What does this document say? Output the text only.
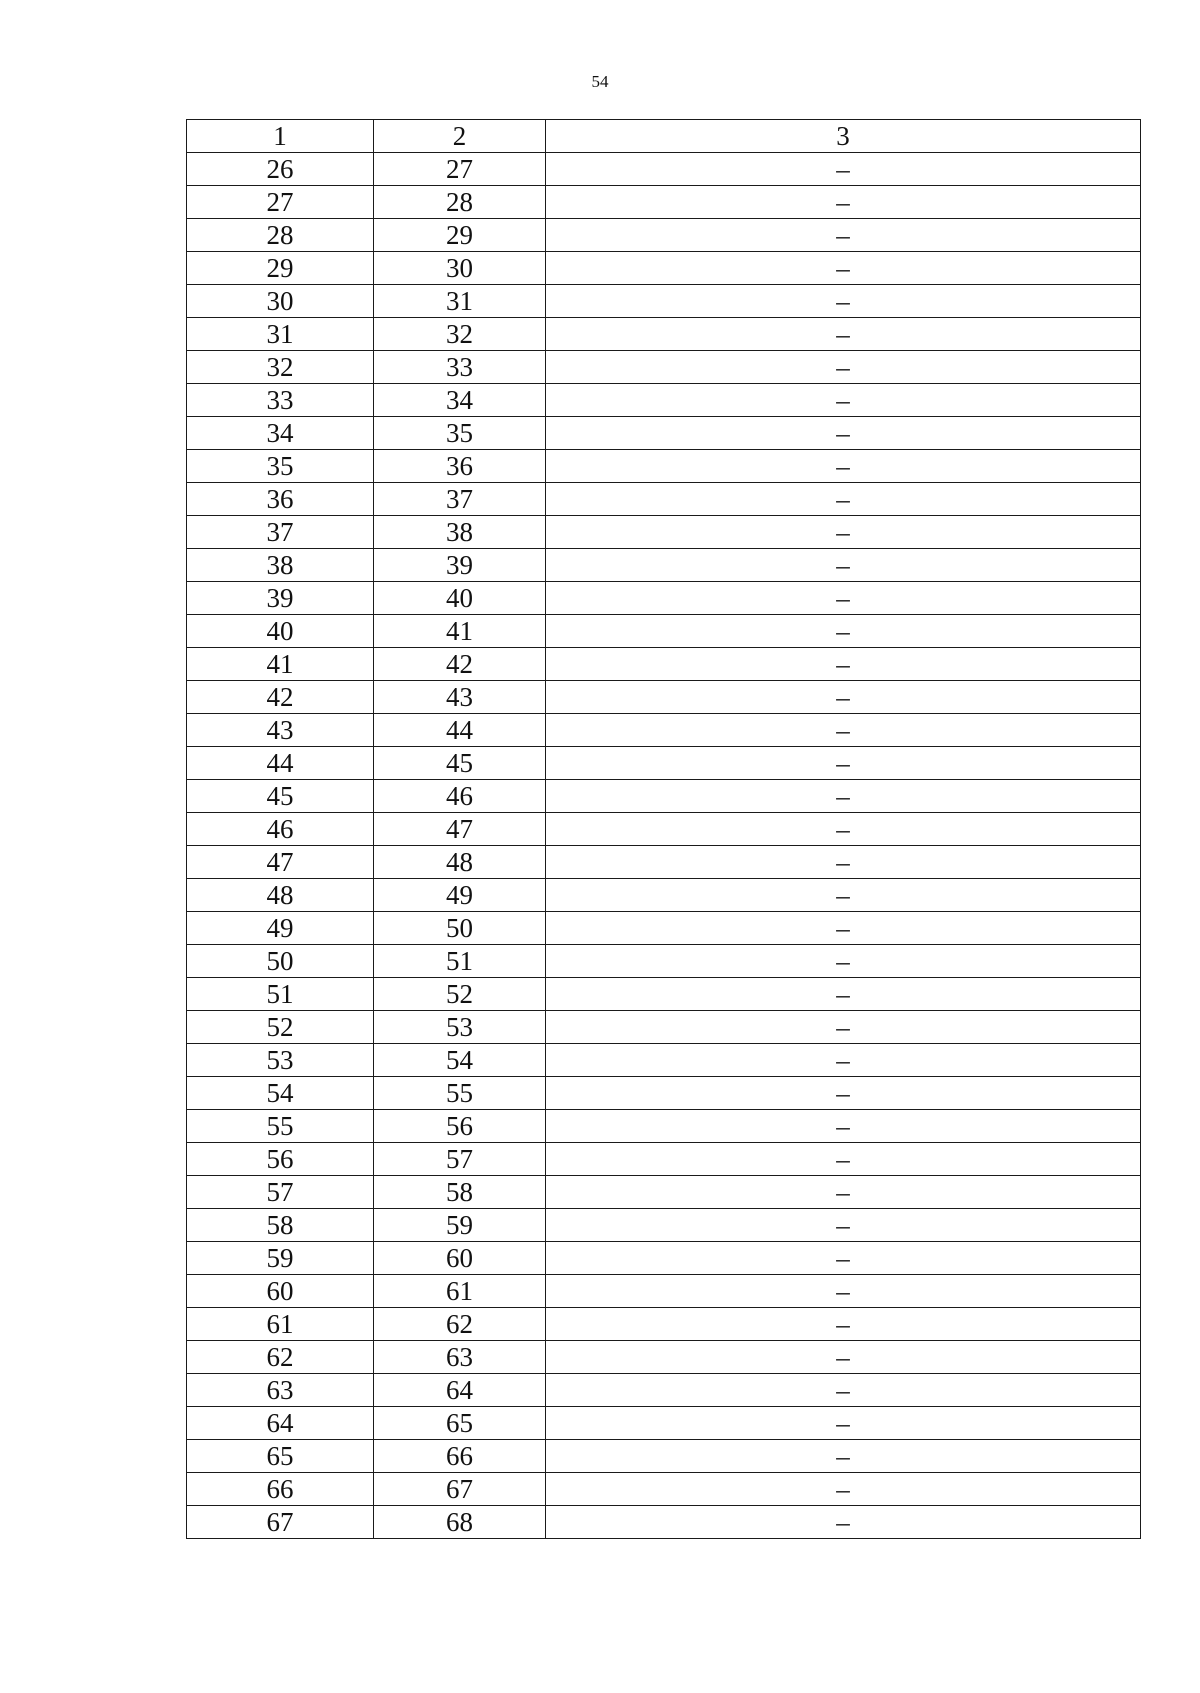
54
1	2	3
26	27	–
27	28	–
28	29	–
29	30	–
30	31	–
31	32	–
32	33	–
33	34	–
34	35	–
35	36	–
36	37	–
37	38	–
38	39	–
39	40	–
40	41	–
41	42	–
42	43	–
43	44	–
44	45	–
45	46	–
46	47	–
47	48	–
48	49	–
49	50	–
50	51	–
51	52	–
52	53	–
53	54	–
54	55	–
55	56	–
56	57	–
57	58	–
58	59	–
59	60	–
60	61	–
61	62	–
62	63	–
63	64	–
64	65	–
65	66	–
66	67	–
67	68	–
